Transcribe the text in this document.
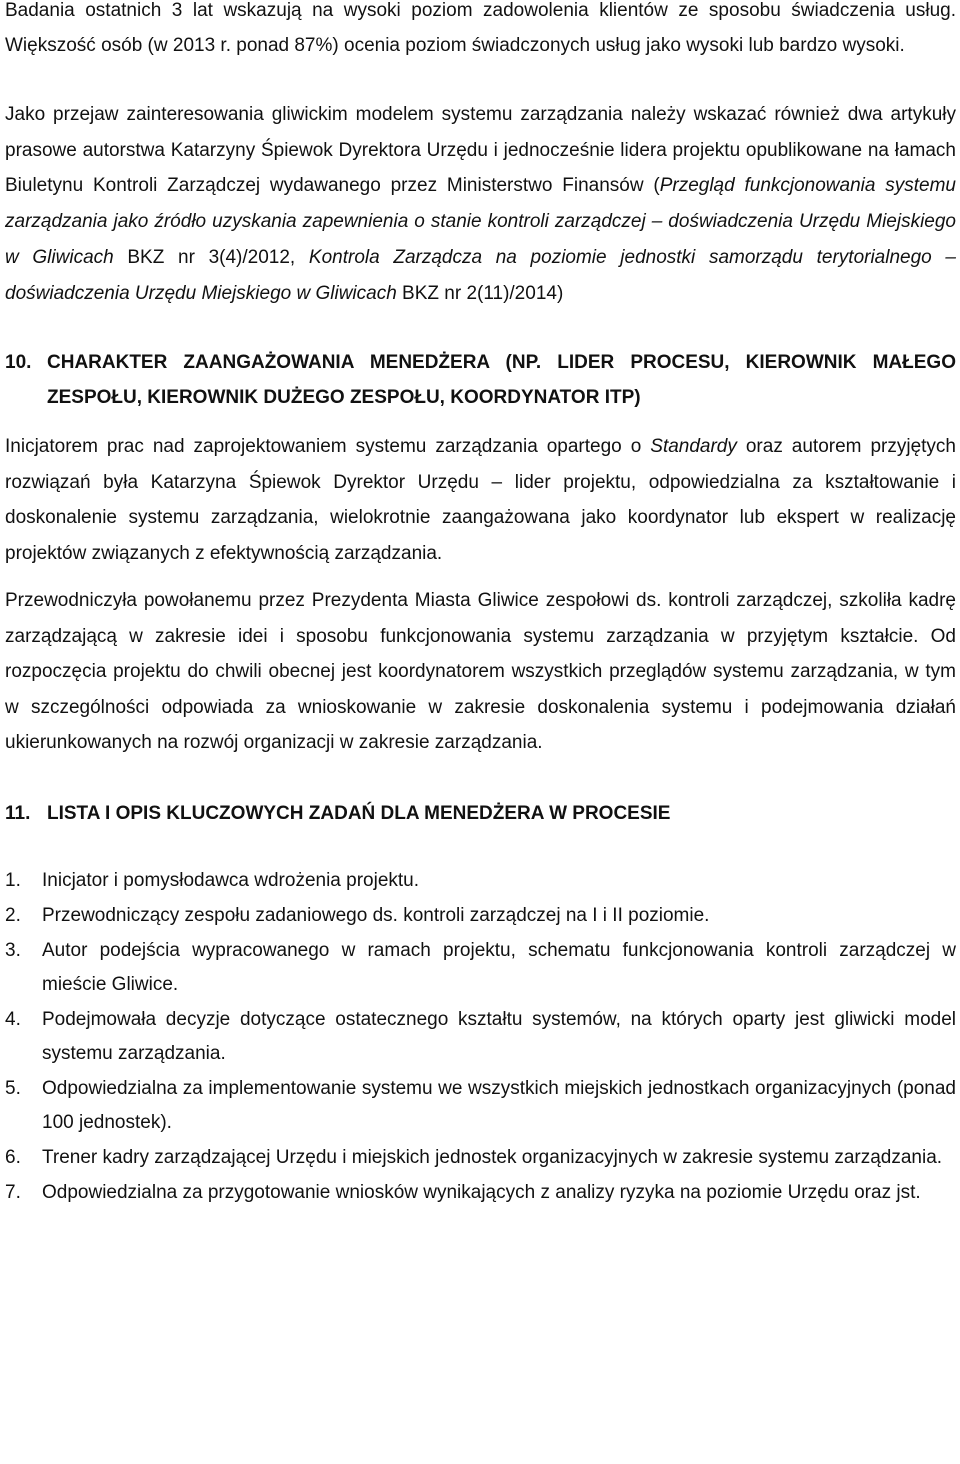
Badania ostatnich 3 lat wskazują na wysoki poziom zadowolenia klientów ze sposobu świadczenia usług. Większość osób (w 2013 r. ponad 87%) ocenia poziom świadczonych usług jako wysoki lub bardzo wysoki.

Jako przejaw zainteresowania gliwickim modelem systemu zarządzania należy wskazać również dwa artykuły prasowe autorstwa Katarzyny Śpiewok Dyrektora Urzędu i jednocześnie lidera projektu opublikowane na łamach Biuletynu Kontroli Zarządczej wydawanego przez Ministerstwo Finansów (Przegląd funkcjonowania systemu zarządzania jako źródło uzyskania zapewnienia o stanie kontroli zarządczej – doświadczenia Urzędu Miejskiego w Gliwicach BKZ nr 3(4)/2012, Kontrola Zarządcza na poziomie jednostki samorządu terytorialnego – doświadczenia Urzędu Miejskiego w Gliwicach BKZ nr 2(11)/2014)

10. CHARAKTER ZAANGAŻOWANIA MENEDŻERA (NP. LIDER PROCESU, KIEROWNIK MAŁEGO ZESPOŁU, KIEROWNIK DUŻEGO ZESPOŁU, KOORDYNATOR ITP)

Inicjatorem prac nad zaprojektowaniem systemu zarządzania opartego o Standardy oraz autorem przyjętych rozwiązań była Katarzyna Śpiewok Dyrektor Urzędu – lider projektu, odpowiedzialna za kształtowanie i doskonalenie systemu zarządzania, wielokrotnie zaangażowana jako koordynator lub ekspert w realizację projektów związanych z efektywnością zarządzania.

Przewodniczyła powołanemu przez Prezydenta Miasta Gliwice zespołowi ds. kontroli zarządczej, szkoliła kadrę zarządzającą w zakresie idei i sposobu funkcjonowania systemu zarządzania w przyjętym kształcie. Od rozpoczęcia projektu do chwili obecnej jest koordynatorem wszystkich przeglądów systemu zarządzania, w tym w szczególności odpowiada za wnioskowanie w zakresie doskonalenia systemu i podejmowania działań ukierunkowanych na rozwój organizacji w zakresie zarządzania.

11. LISTA I OPIS KLUCZOWYCH ZADAŃ DLA MENEDŻERA W PROCESIE
1.	Inicjator i pomysłodawca wdrożenia projektu.
2.	Przewodniczący zespołu zadaniowego ds. kontroli zarządczej na I i II poziomie.
3.	Autor podejścia wypracowanego w ramach projektu, schematu funkcjonowania kontroli zarządczej w mieście Gliwice.
4.	Podejmowała decyzje dotyczące ostatecznego kształtu systemów, na których oparty jest gliwicki model systemu zarządzania.
5.	Odpowiedzialna za implementowanie systemu we wszystkich miejskich jednostkach organizacyjnych (ponad 100 jednostek).
6.	Trener kadry zarządzającej Urzędu i miejskich jednostek organizacyjnych w zakresie systemu zarządzania.
7.	Odpowiedzialna za przygotowanie wniosków wynikających z analizy ryzyka na poziomie Urzędu oraz jst.
